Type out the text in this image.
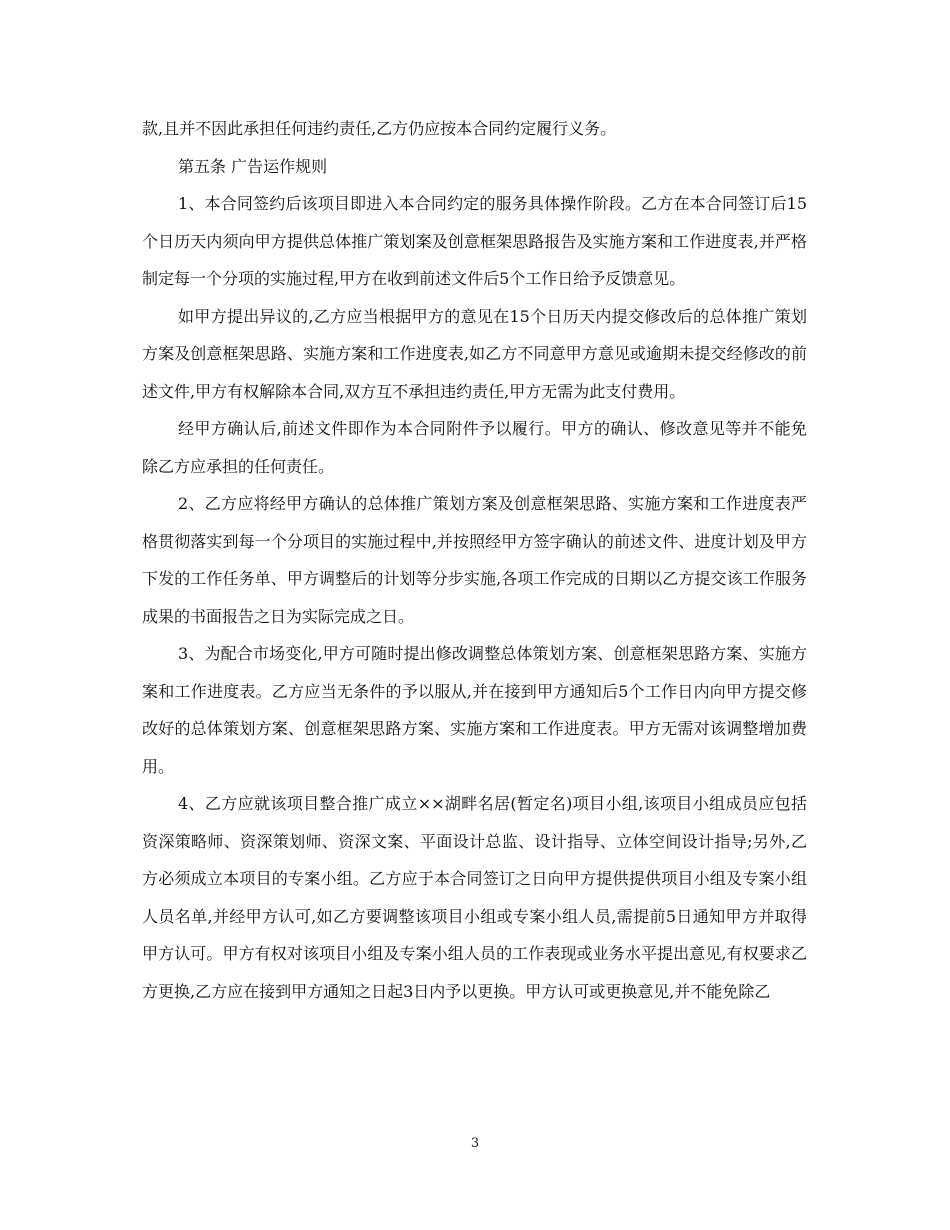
款,且并不因此承担任何违约责任,乙方仍应按本合同约定履行义务。

第五条 广告运作规则

1、本合同签约后该项目即进入本合同约定的服务具体操作阶段。乙方在本合同签订后15个日历天内须向甲方提供总体推广策划案及创意框架思路报告及实施方案和工作进度表,并严格制定每一个分项的实施过程,甲方在收到前述文件后5个工作日给予反馈意见。

如甲方提出异议的,乙方应当根据甲方的意见在15个日历天内提交修改后的总体推广策划方案及创意框架思路、实施方案和工作进度表,如乙方不同意甲方意见或逾期未提交经修改的前述文件,甲方有权解除本合同,双方互不承担违约责任,甲方无需为此支付费用。

经甲方确认后,前述文件即作为本合同附件予以履行。甲方的确认、修改意见等并不能免除乙方应承担的任何责任。

2、乙方应将经甲方确认的总体推广策划方案及创意框架思路、实施方案和工作进度表严格贯彻落实到每一个分项目的实施过程中,并按照经甲方签字确认的前述文件、进度计划及甲方下发的工作任务单、甲方调整后的计划等分步实施,各项工作完成的日期以乙方提交该工作服务成果的书面报告之日为实际完成之日。

3、为配合市场变化,甲方可随时提出修改调整总体策划方案、创意框架思路方案、实施方案和工作进度表。乙方应当无条件的予以服从,并在接到甲方通知后5个工作日内向甲方提交修改好的总体策划方案、创意框架思路方案、实施方案和工作进度表。甲方无需对该调整增加费用。

4、乙方应就该项目整合推广成立××湖畔名居(暂定名)项目小组,该项目小组成员应包括资深策略师、资深策划师、资深文案、平面设计总监、设计指导、立体空间设计指导;另外,乙方必须成立本项目的专案小组。乙方应于本合同签订之日向甲方提供提供项目小组及专案小组人员名单,并经甲方认可,如乙方要调整该项目小组或专案小组人员,需提前5日通知甲方并取得甲方认可。甲方有权对该项目小组及专案小组人员的工作表现或业务水平提出意见,有权要求乙方更换,乙方应在接到甲方通知之日起3日内予以更换。甲方认可或更换意见,并不能免除乙

3
